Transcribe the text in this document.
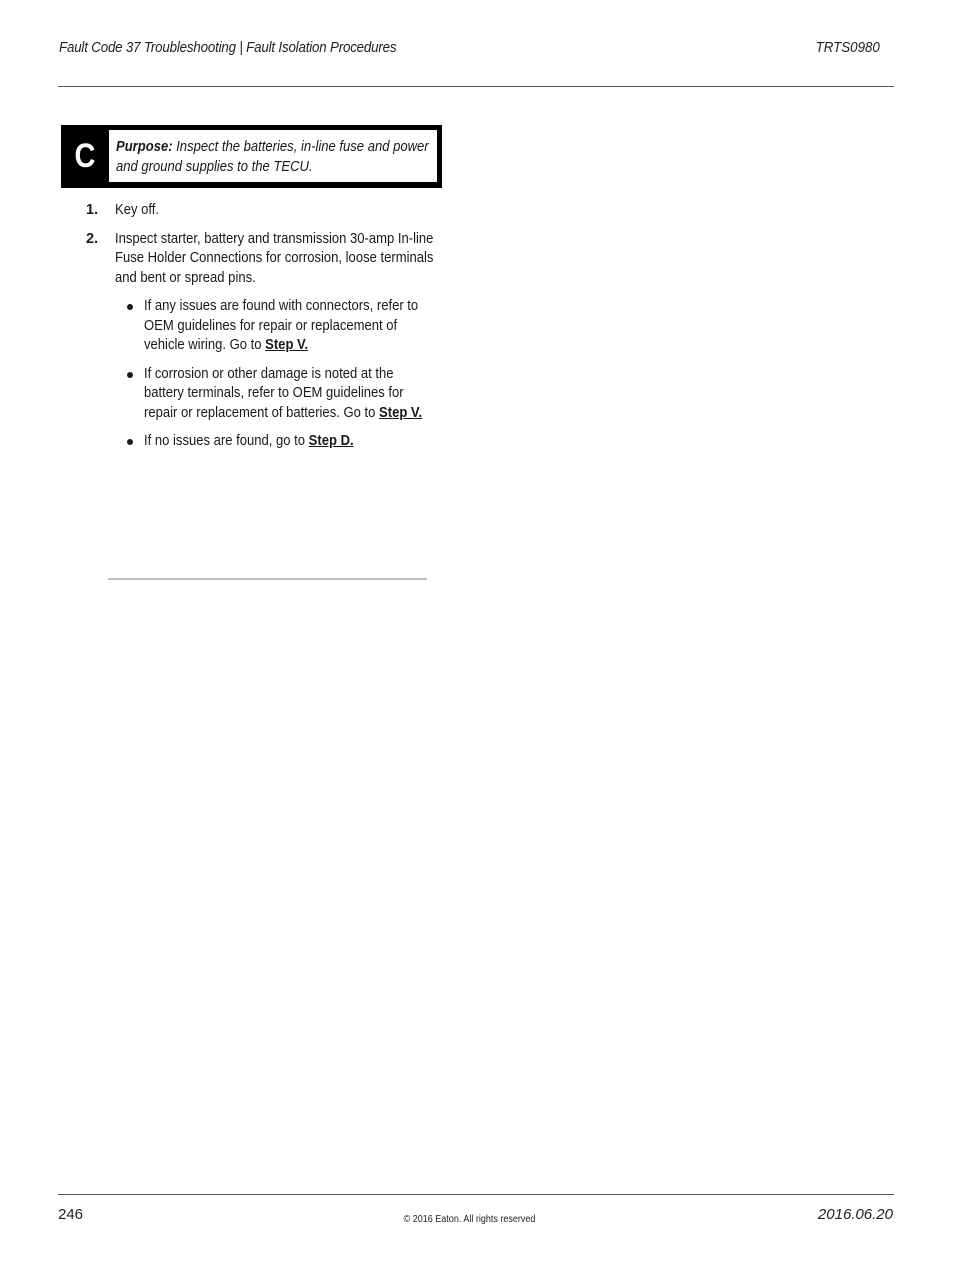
Fault Code 37 Troubleshooting | Fault Isolation Procedures	TRTS0980
C	Purpose: Inspect the batteries, in-line fuse and power and ground supplies to the TECU.
1. Key off.
2. Inspect starter, battery and transmission 30-amp In-line Fuse Holder Connections for corrosion, loose terminals and bent or spread pins.
If any issues are found with connectors, refer to OEM guidelines for repair or replacement of vehicle wiring. Go to Step V.
If corrosion or other damage is noted at the battery terminals, refer to OEM guidelines for repair or replacement of batteries. Go to Step V.
If no issues are found, go to Step D.
246	© 2016 Eaton. All rights reserved	2016.06.20
